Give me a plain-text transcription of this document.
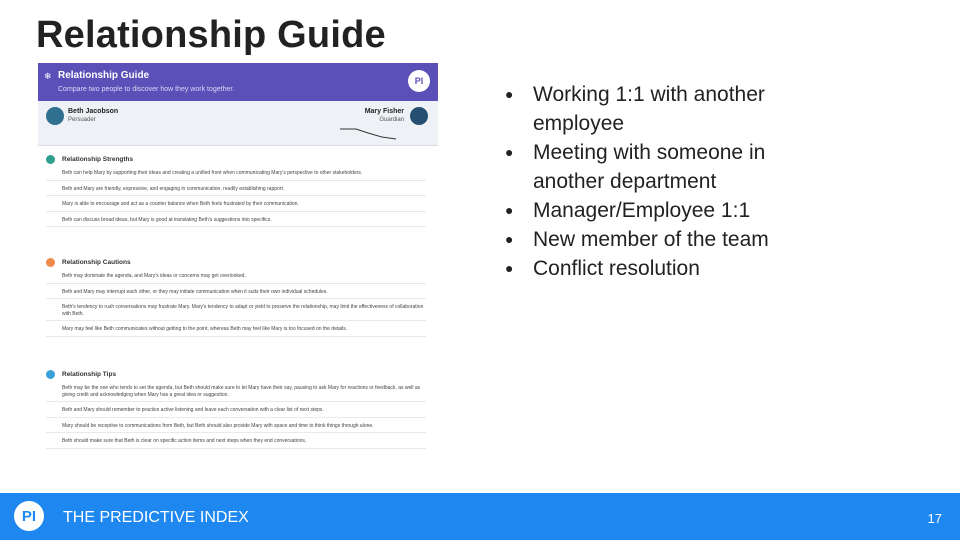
Relationship Guide
❄ Relationship Guide
Compare two people to discover how they work together.
PI
Beth Jacobson
Persuader
Mary Fisher
Guardian
Relationship Strengths
Beth can help Mary by supporting their ideas and creating a unified front when communicating Mary's perspective to other stakeholders.
Beth and Mary are friendly, expressive, and engaging in communication, readily establishing rapport.
Mary is able to encourage and act as a counter balance when Beth feels frustrated by their communication.
Beth can discuss broad ideas, but Mary is good at translating Beth's suggestions into specifics.
Relationship Cautions
Beth may dominate the agenda, and Mary's ideas or concerns may get overlooked.
Beth and Mary may interrupt each other, or they may initiate communication when it suits their own individual schedules.
Beth's tendency to rush conversations may frustrate Mary. Mary's tendency to adapt or yield to preserve the relationship, may limit the effectiveness of collaboration with Beth.
Mary may feel like Beth communicates without getting to the point, whereas Beth may feel like Mary is too focused on the details.
Relationship Tips
Beth may be the one who tends to set the agenda, but Beth should make sure to let Mary have their say, pausing to ask Mary for reactions or feedback, as well as giving credit and acknowledging when Mary has a great idea or suggestion.
Beth and Mary should remember to practice active listening and leave each conversation with a clear list of next steps.
Mary should be receptive to communications from Beth, but Beth should also provide Mary with space and time to think things through alone.
Beth should make sure that Beth is clear on specific action items and next steps when they end conversations.
● Working 1:1 with another employee
● Meeting with someone in another department
● Manager/Employee 1:1
● New member of the team
● Conflict resolution
PI	THE PREDICTIVE INDEX	17
